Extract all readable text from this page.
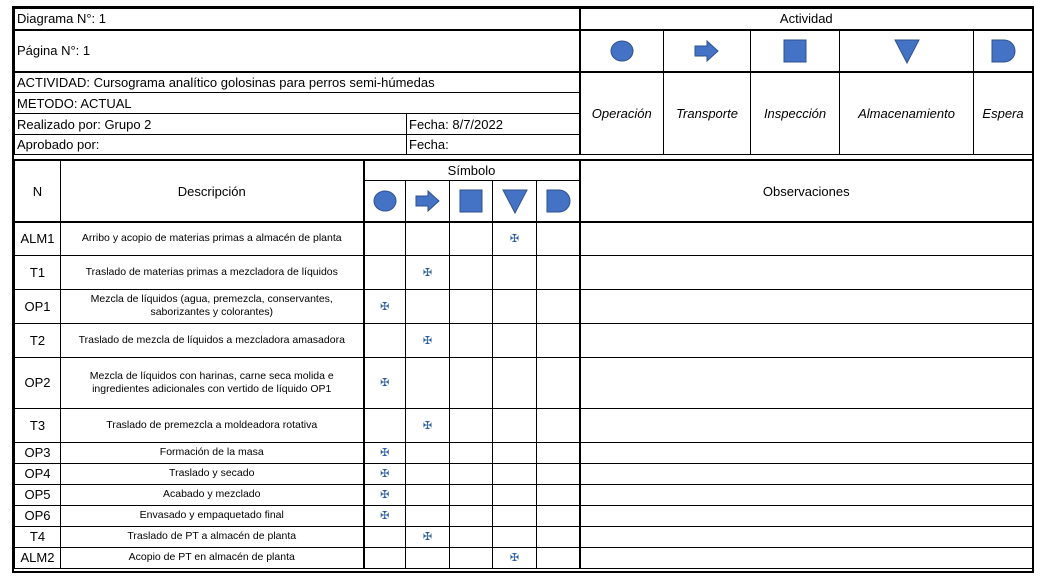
Diagrama N°: 1		Actividad				
Página N°: 1	

ACTIVIDAD: Cursograma analítico golosinas para perros semi-húmedas		Operación	Transporte	Inspección	Almacenamiento	Espera
METODO: ACTUAL						
Realizado por: Grupo 2	Fecha: 8/7/2022					
Aprobado por:	Fecha:					
N	Descripción	Símbolo					Observaciones

ALM1	Arribo y acopio de materias primas a almacén de planta				✠		
T1	Traslado de materias primas a mezcladora de líquidos		✠				
OP1	Mezcla de líquidos (agua, premezcla, conservantes, saborizantes y colorantes)	✠					
T2	Traslado de mezcla de líquidos a mezcladora amasadora		✠				
OP2	Mezcla de líquidos con harinas, carne seca molida e ingredientes adicionales con vertido de líquido OP1	✠					
T3	Traslado de premezcla a moldeadora rotativa		✠				
OP3	Formación de la masa	✠					
OP4	Traslado y secado	✠					
OP5	Acabado y mezclado	✠					
OP6	Envasado y empaquetado final	✠					
T4	Traslado de PT a almacén de planta		✠				
ALM2	Acopio de PT en almacén de planta				✠		
